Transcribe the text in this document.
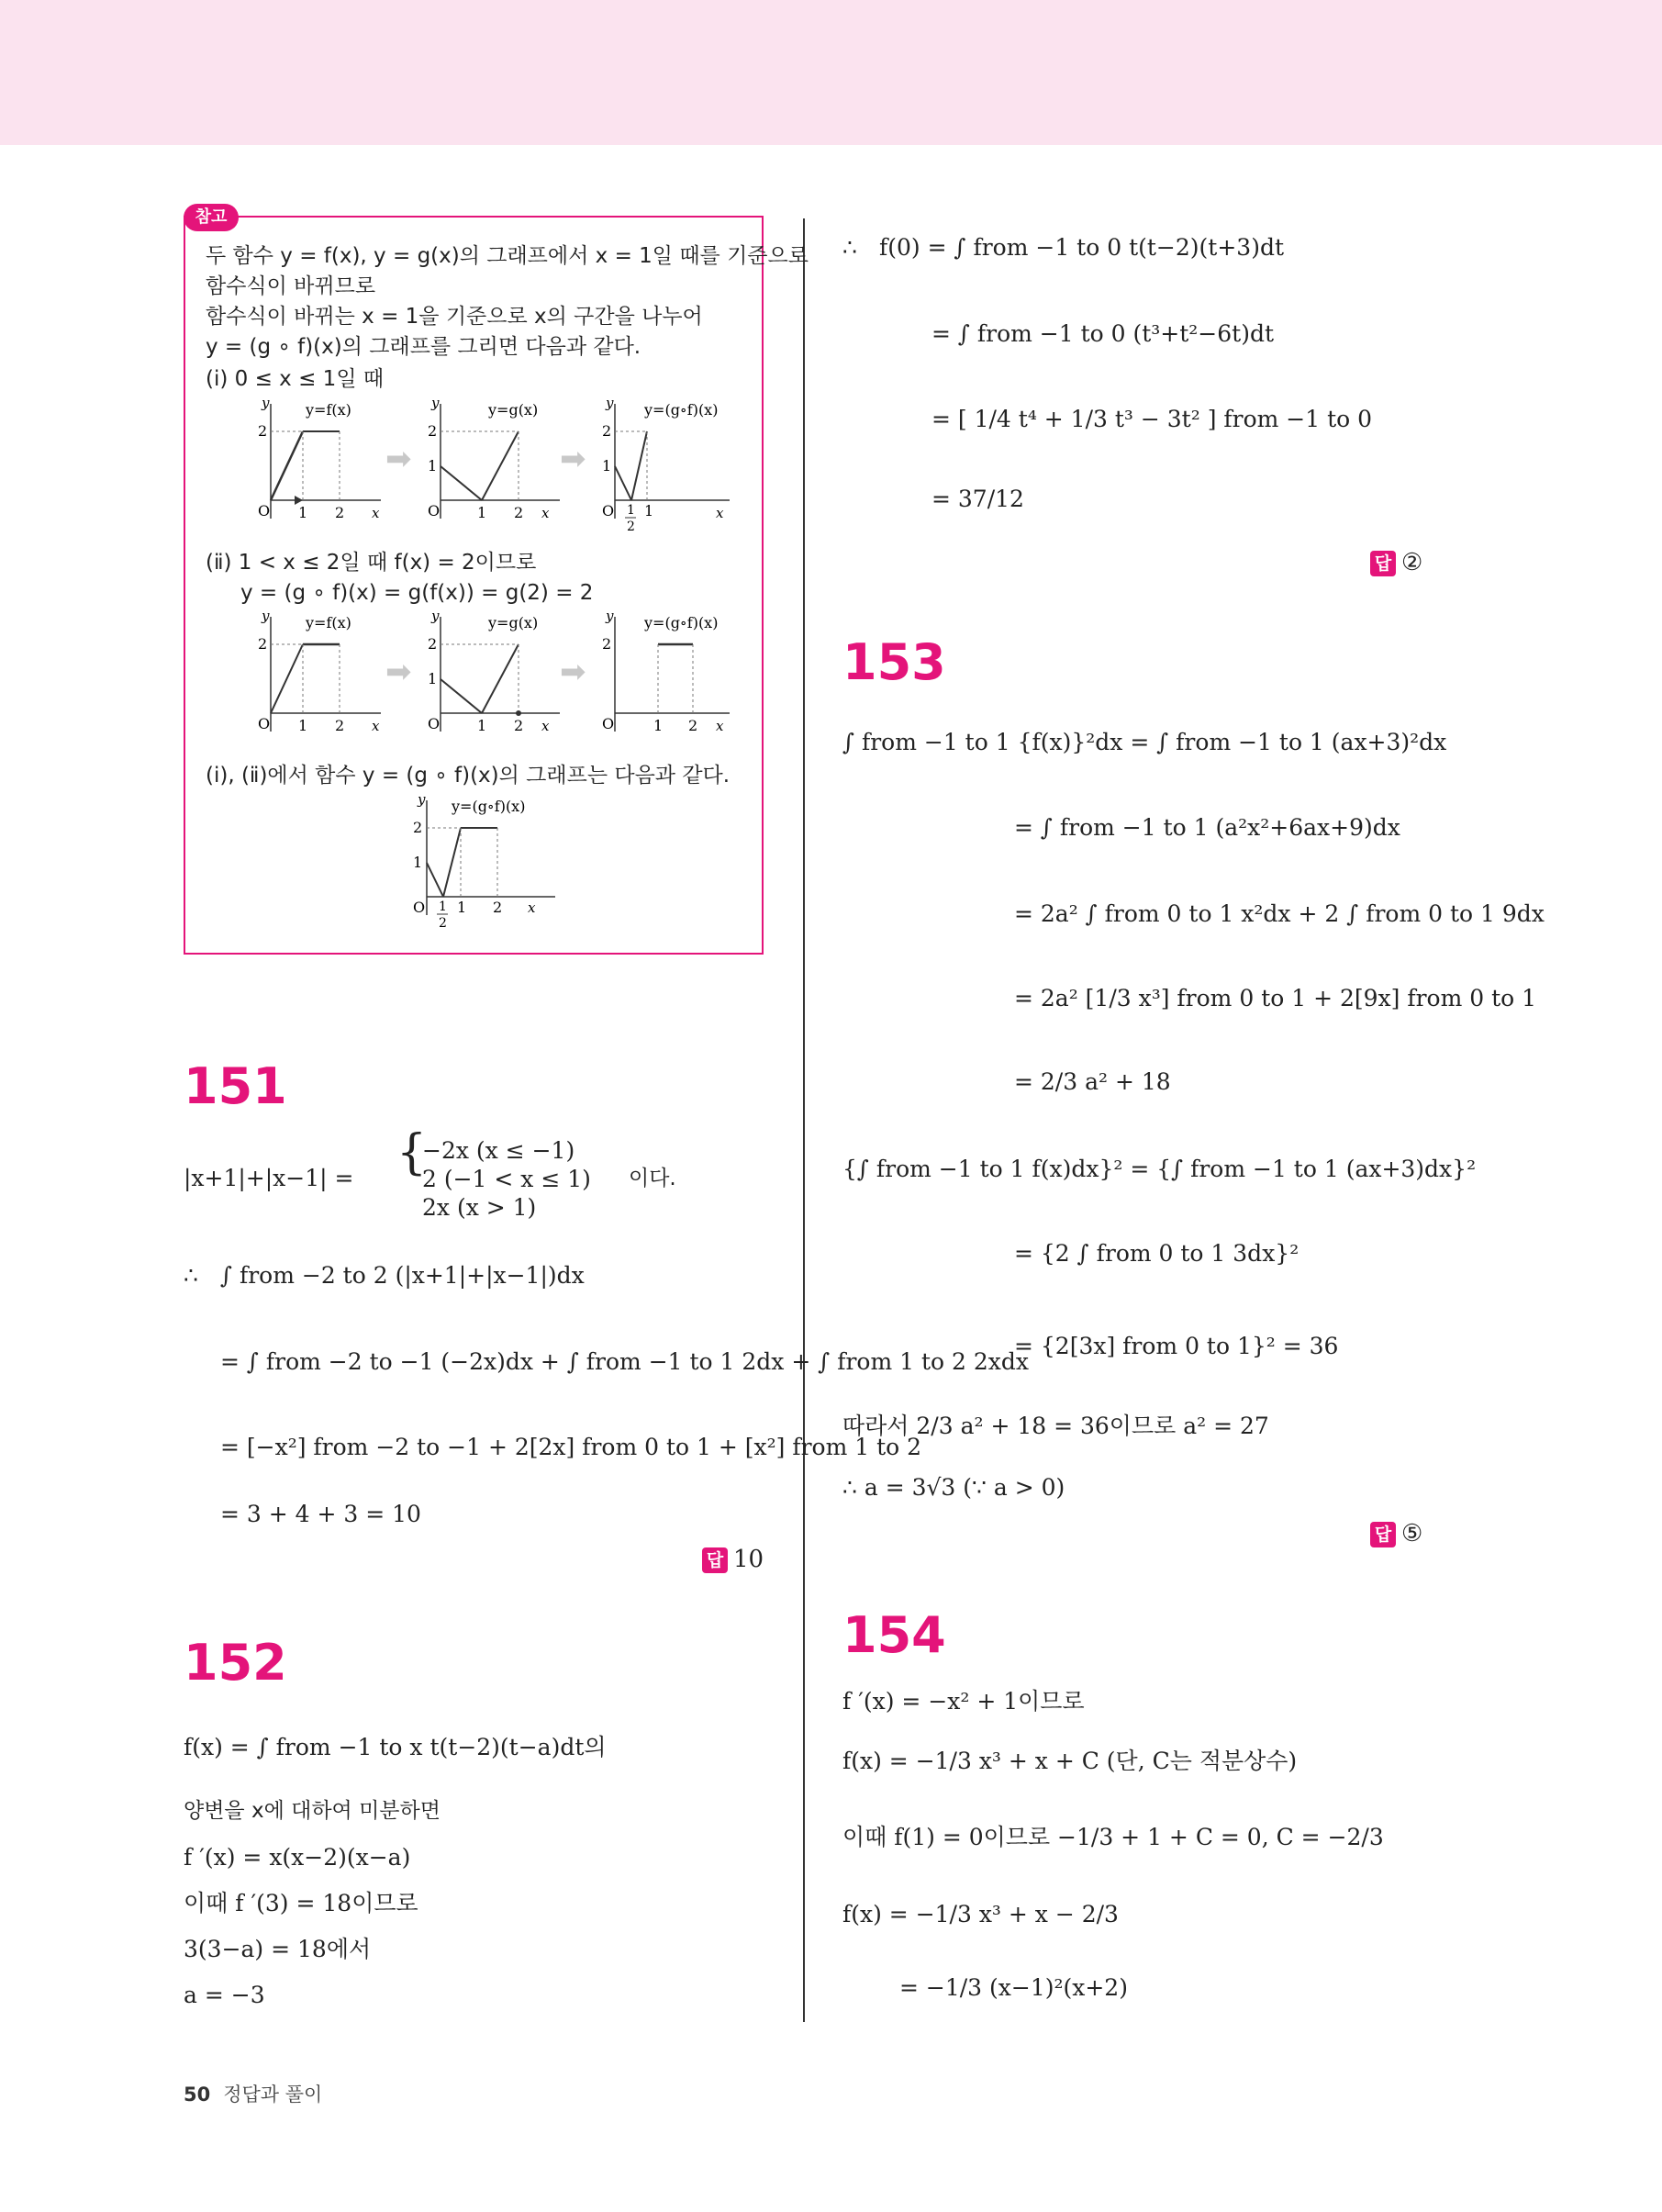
참고
두 함수 y = f(x), y = g(x)의 그래프에서 x = 1일 때를 기준으로
함수식이 바뀌므로
함수식이 바뀌는 x = 1을 기준으로 x의 구간을 나누어
y = (g ∘ f)(x)의 그래프를 그리면 다음과 같다.
(ⅰ) 0 ≤ x ≤ 1일 때
y y=f(x)
2
O 1 2 x
➡
y	y=g(x)
2
1
O	1 2 x
➡
y y=(g∘f)(x)
2
1
O 1
2
1	x
(ⅱ) 1 < x ≤ 2일 때 f(x) = 2이므로
y = (g ∘ f)(x) = g(f(x)) = g(2) = 2
y y=f(x)
2
O 1 2 x
➡
y	y=g(x)
2
1
O	1 2 x
➡
y y=(g∘f)(x)
2
O	1 2 x
(ⅰ), (ⅱ)에서 함수 y = (g ∘ f)(x)의 그래프는 다음과 같다.
y y=(g∘f)(x)
2
1
O 1
2
1 2 x
151
|x+1|+|x−1| = {
−2x (x ≤ −1)
2 (−1 < x ≤ 1)
2x (x > 1)
이다.
∴ ∫ from −2 to 2 (|x+1|+|x−1|)dx
= ∫ from −2 to −1 (−2x)dx + ∫ from −1 to 1 2dx + ∫ from 1 to 2 2xdx
= [−x²] from −2 to −1 + 2[2x] from 0 to 1 + [x²] from 1 to 2
= 3 + 4 + 3 = 10
답 10
152
f(x) = ∫ from −1 to x t(t−2)(t−a)dt의
양변을 x에 대하여 미분하면
f ′(x) = x(x−2)(x−a)
이때 f ′(3) = 18이므로
3(3−a) = 18에서
a = −3
∴ f(0) = ∫ from −1 to 0 t(t−2)(t+3)dt
= ∫ from −1 to 0 (t³+t²−6t)dt
= [ 1/4 t⁴ + 1/3 t³ − 3t² ] from −1 to 0
= 37/12
답 ②
153
∫ from −1 to 1 {f(x)}²dx = ∫ from −1 to 1 (ax+3)²dx
= ∫ from −1 to 1 (a²x²+6ax+9)dx
= 2a² ∫ from 0 to 1 x²dx + 2 ∫ from 0 to 1 9dx
= 2a² [1/3 x³] from 0 to 1 + 2[9x] from 0 to 1
= 2/3 a² + 18
{∫ from −1 to 1 f(x)dx}² = {∫ from −1 to 1 (ax+3)dx}²
= {2 ∫ from 0 to 1 3dx}²
= {2[3x] from 0 to 1}² = 36
따라서 2/3 a² + 18 = 36이므로 a² = 27
∴ a = 3√3 (∵ a > 0)
답 ⑤
154
f ′(x) = −x² + 1이므로
f(x) = −1/3 x³ + x + C (단, C는 적분상수)
이때 f(1) = 0이므로 −1/3 + 1 + C = 0, C = −2/3
f(x) = −1/3 x³ + x − 2/3
= −1/3 (x−1)²(x+2)
50 정답과 풀이
